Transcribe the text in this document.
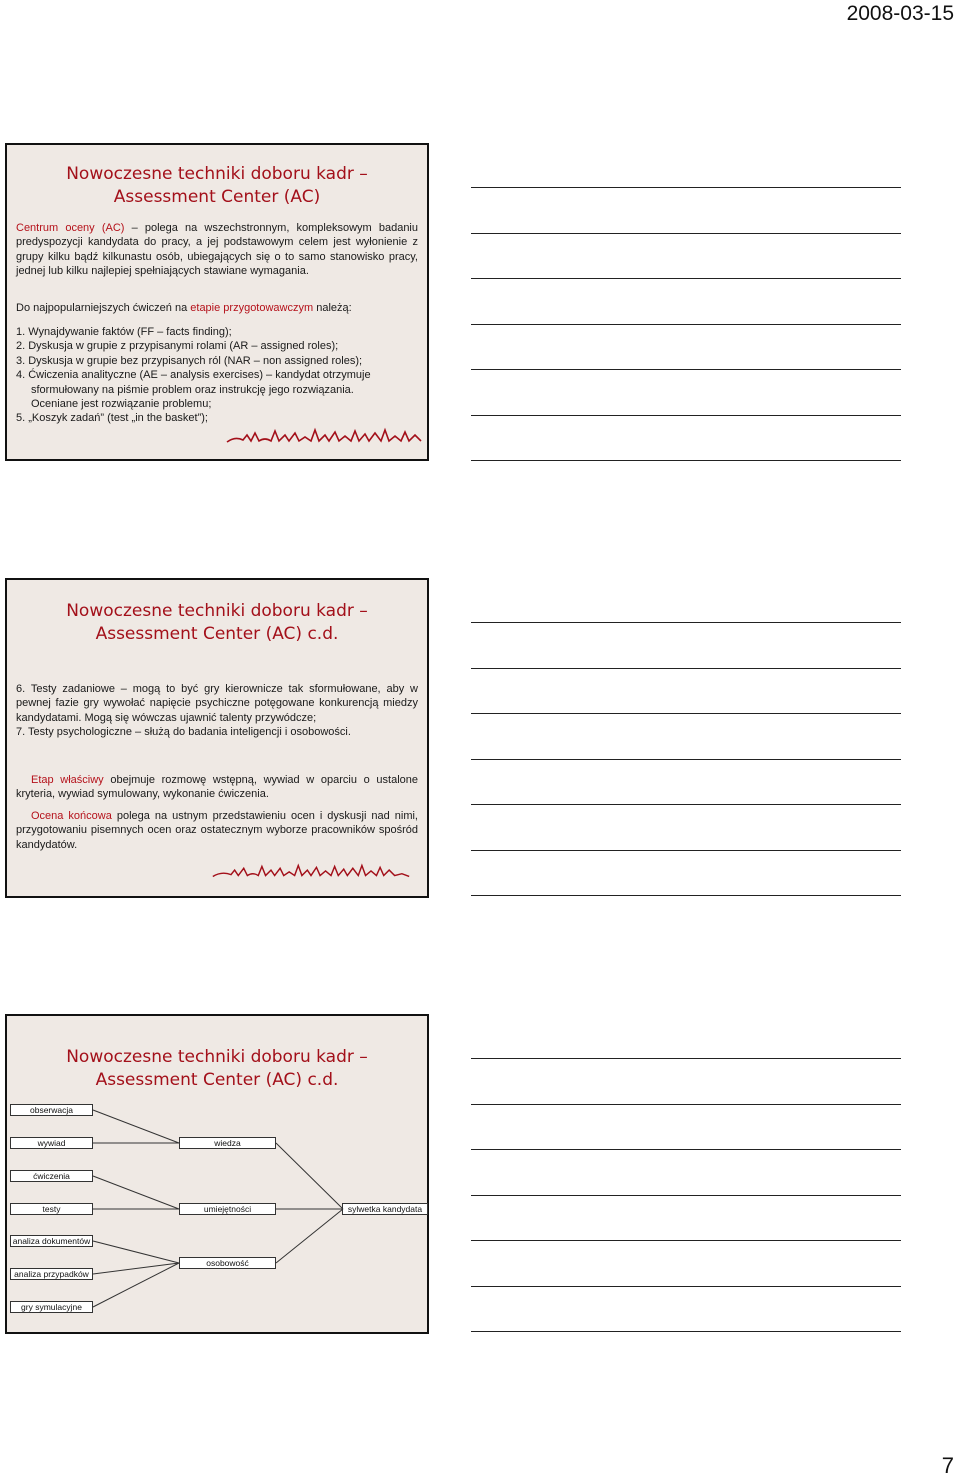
2008-03-15
Nowoczesne techniki doboru kadr –
Assessment Center (AC)
Centrum oceny (AC) – polega na wszechstronnym, kompleksowym badaniu predyspozycji kandydata do pracy, a jej podstawowym celem jest wyłonienie z grupy kilku bądź kilkunastu osób, ubiegających się o to samo stanowisko pracy, jednej lub kilku najlepiej spełniających stawiane wymagania.
Do najpopularniejszych ćwiczeń na etapie przygotowawczym należą:
1. Wynajdywanie faktów (FF – facts finding);
2. Dyskusja w grupie z przypisanymi rolami (AR – assigned roles);
3. Dyskusja w grupie bez przypisanych ról (NAR – non assigned roles);
4. Ćwiczenia analityczne (AE – analysis exercises) – kandydat otrzymuje
sformułowany na piśmie problem oraz instrukcję jego rozwiązania.
Oceniane jest rozwiązanie problemu;
5. „Koszyk zadań” (test „in the basket”);
Nowoczesne techniki doboru kadr –
Assessment Center (AC) c.d.
6. Testy zadaniowe – mogą to być gry kierownicze tak sformułowane, aby w pewnej fazie gry wywołać napięcie psychiczne potęgowane konkurencją miedzy kandydatami. Mogą się wówczas ujawnić talenty przywódcze;
7. Testy psychologiczne – służą do badania inteligencji i osobowości.
Etap właściwy obejmuje rozmowę wstępną, wywiad w oparciu o ustalone kryteria, wywiad symulowany, wykonanie ćwiczenia.
Ocena końcowa polega na ustnym przedstawieniu ocen i dyskusji nad nimi, przygotowaniu pisemnych ocen oraz ostatecznym wyborze pracowników spośród kandydatów.
Nowoczesne techniki doboru kadr –
Assessment Center (AC) c.d.
obserwacja
wywiad
ćwiczenia
testy
analiza dokumentów
analiza przypadków
gry symulacyjne
wiedza
umiejętności
osobowość
sylwetka kandydata
7
